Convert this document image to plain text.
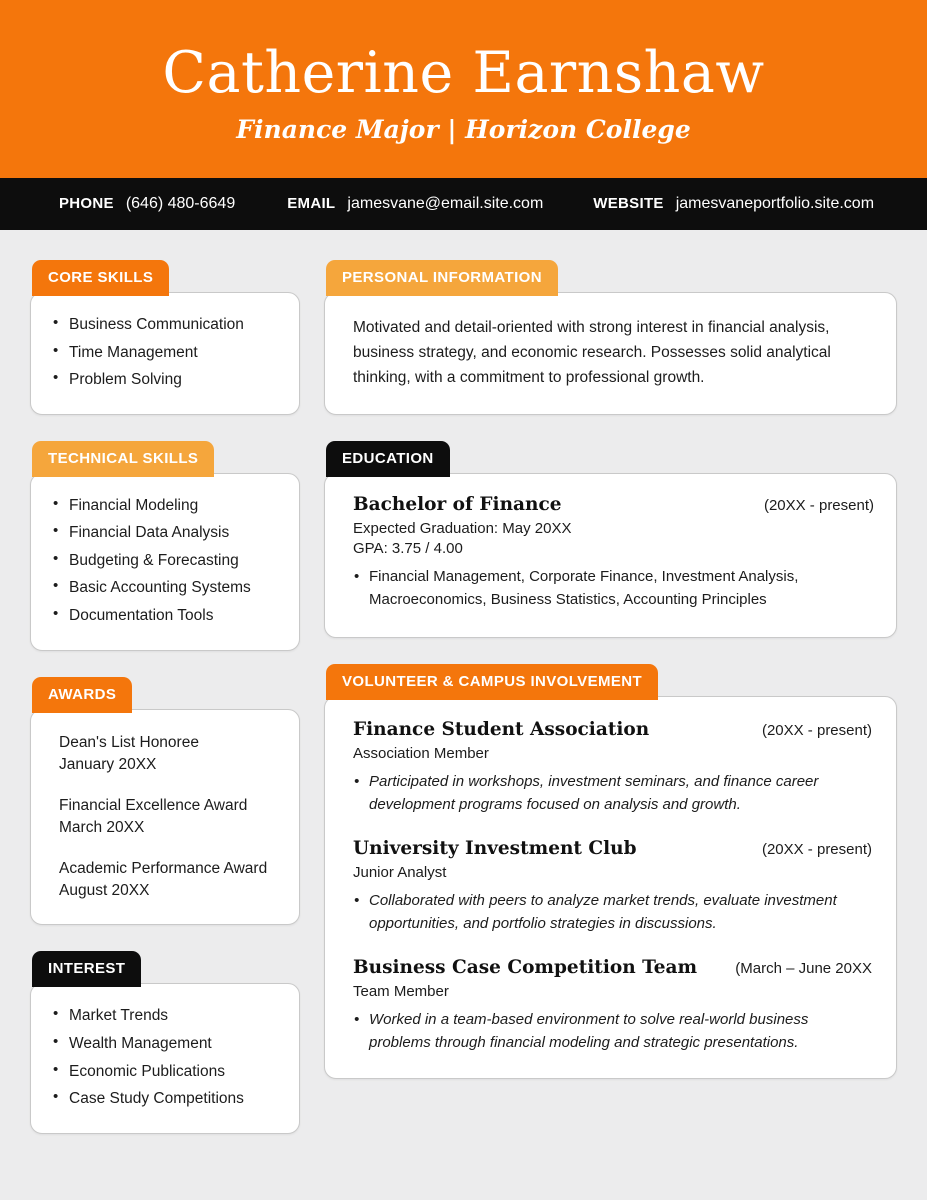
Catherine Earnshaw
Finance Major | Horizon College
PHONE (646) 480-6649	EMAIL jamesvane@email.site.com	WEBSITE jamesvaneportfolio.site.com
CORE SKILLS
• Business Communication
• Time Management
• Problem Solving
TECHNICAL SKILLS
• Financial Modeling
• Financial Data Analysis
• Budgeting & Forecasting
• Basic Accounting Systems
• Documentation Tools
AWARDS
Dean's List Honoree
January 20XX
Financial Excellence Award
March 20XX
Academic Performance Award
August 20XX
INTEREST
• Market Trends
• Wealth Management
• Economic Publications
• Case Study Competitions
PERSONAL INFORMATION
Motivated and detail-oriented with strong interest in financial analysis, business strategy, and economic research. Possesses solid analytical thinking, with a commitment to professional growth.
EDUCATION
Bachelor of Finance	(20XX - present)
Expected Graduation: May 20XX
GPA: 3.75 / 4.00
• Financial Management, Corporate Finance, Investment Analysis, Macroeconomics, Business Statistics, Accounting Principles
VOLUNTEER & CAMPUS INVOLVEMENT
Finance Student Association	(20XX - present)
Association Member
• Participated in workshops, investment seminars, and finance career development programs focused on analysis and growth.
University Investment Club	(20XX - present)
Junior Analyst
• Collaborated with peers to analyze market trends, evaluate investment opportunities, and portfolio strategies in discussions.
Business Case Competition Team	(March – June 20XX
Team Member
• Worked in a team-based environment to solve real-world business problems through financial modeling and strategic presentations.
